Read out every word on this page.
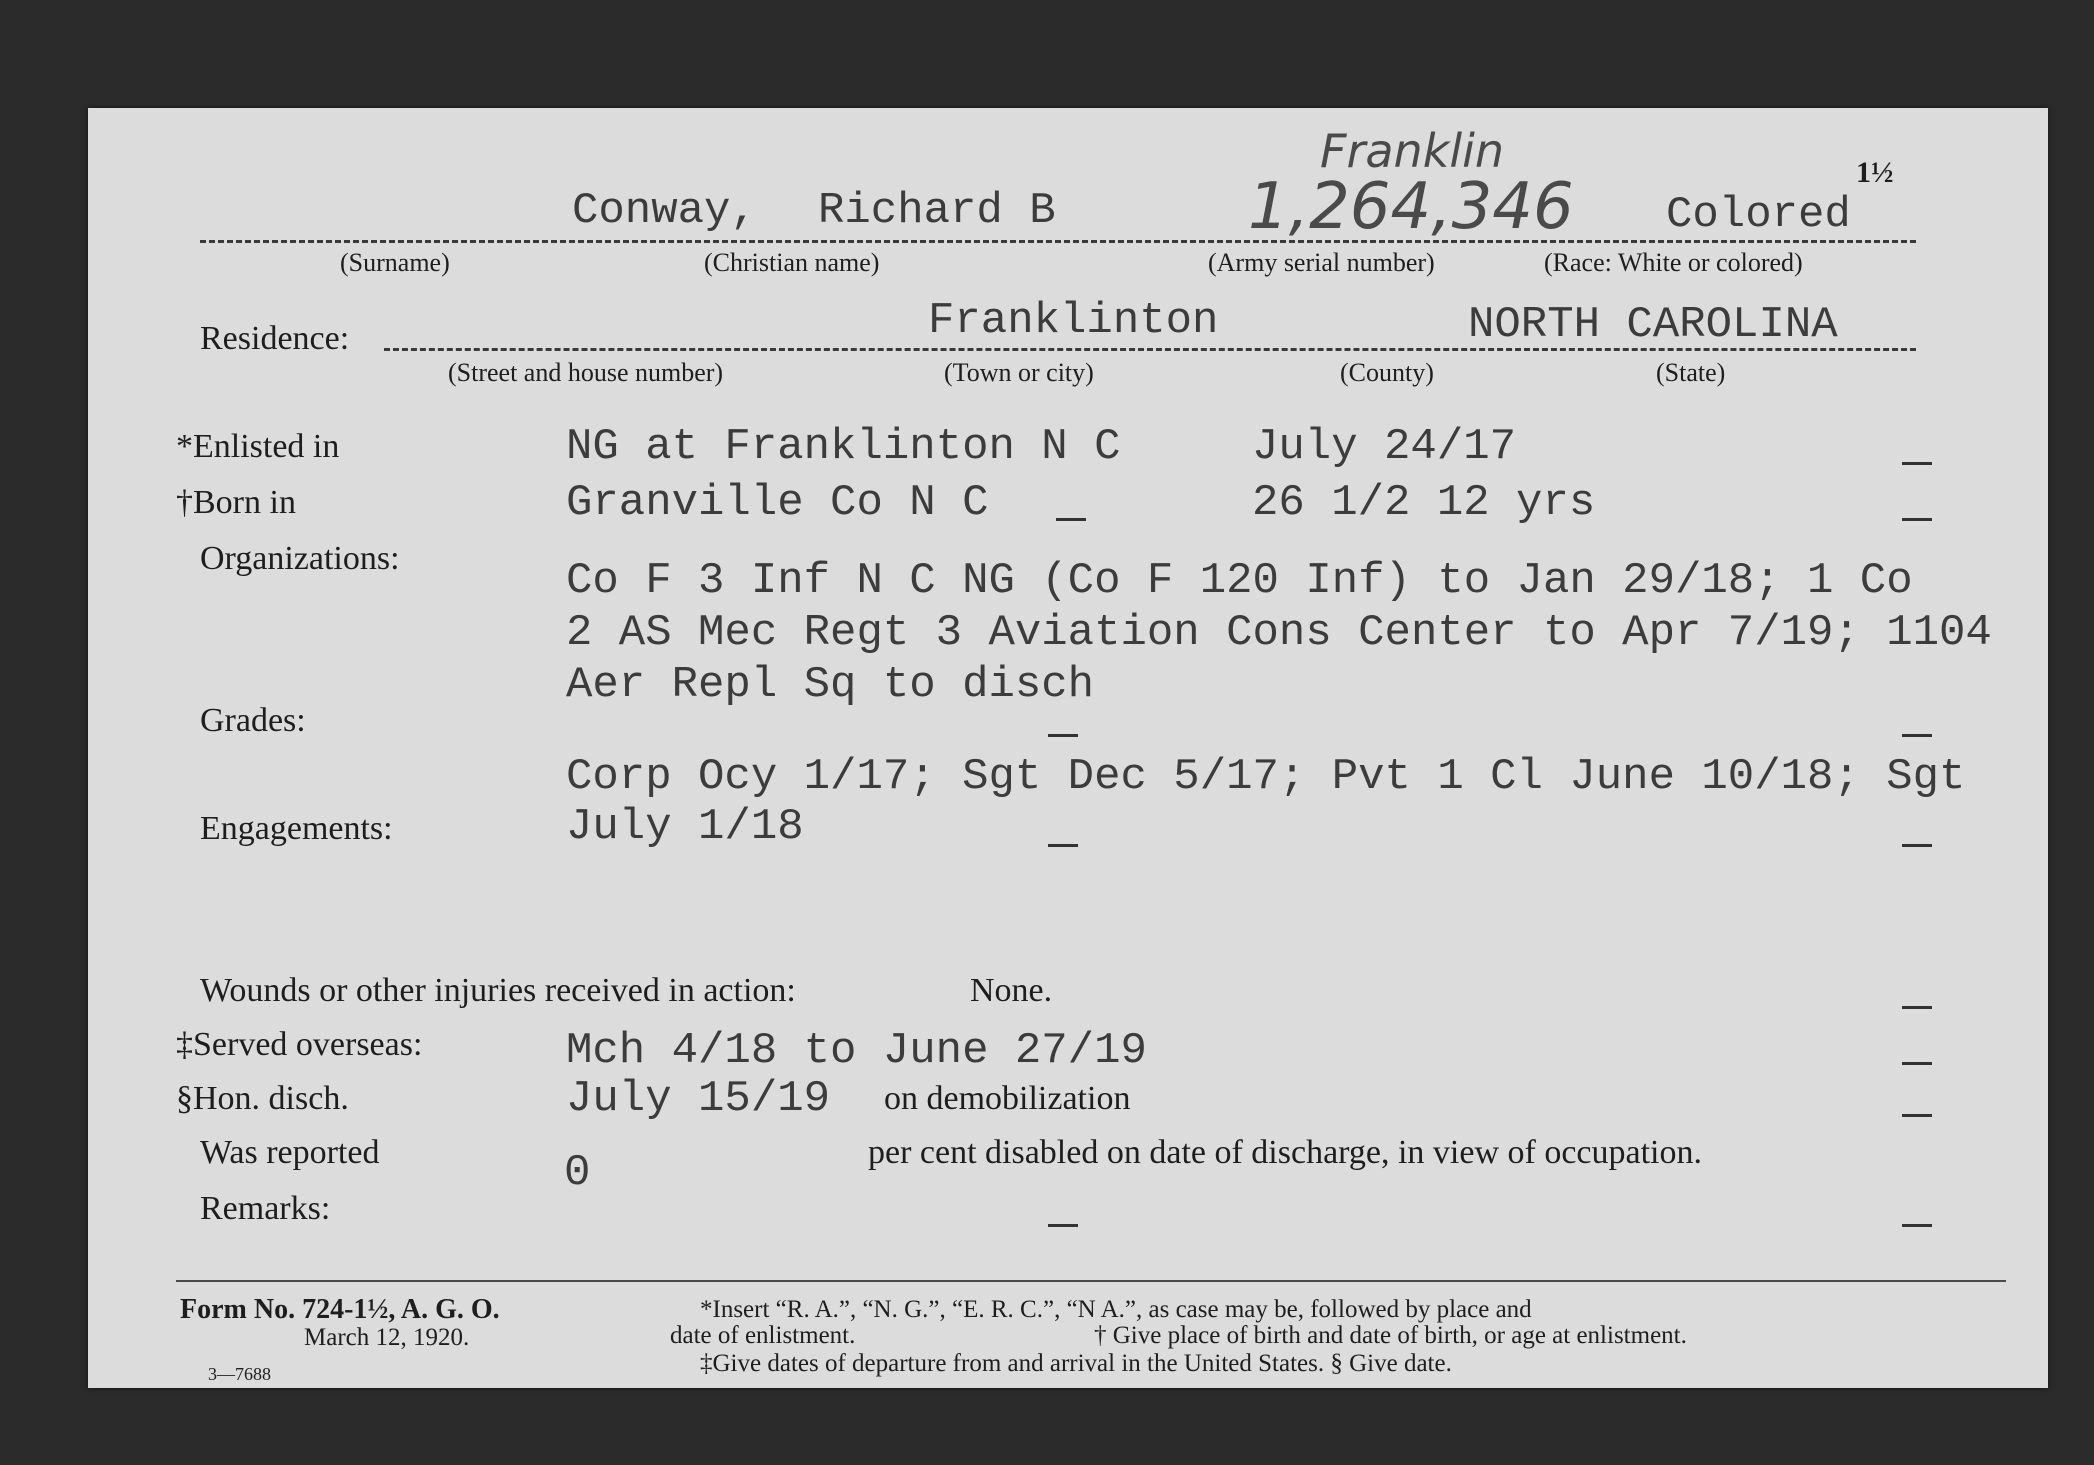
Franklin	1½
Conway, Richard B	1,264,346 Colored
(Surname)	(Christian name)	(Army serial number)	(Race: White or colored)
Residence:	Franklinton	NORTH CAROLINA
(Street and house number)	(Town or city)	(County)	(State)
*Enlisted in	NG at Franklinton N C	July 24/17
†Born in	Granville Co N C	26 1/2 12 yrs
Organizations:	Co F 3 Inf N C NG (Co F 120 Inf) to Jan 29/18; 1 Co
2 AS Mec Regt 3 Aviation Cons Center to Apr 7/19; 1104
Aer Repl Sq to disch
Grades:
Corp Ocy 1/17; Sgt Dec 5/17; Pvt 1 Cl June 10/18; Sgt
July 1/18
Engagements:
Wounds or other injuries received in action:	None.
‡Served overseas:	Mch 4/18 to June 27/19
§Hon. disch.	July 15/19 on demobilization
Was reported	0	per cent disabled on date of discharge, in view of occupation.
Remarks:
Form No. 724-1½, A. G. O.
March 12, 1920.
3—7688
*Insert “R. A.”, “N. G.”, “E. R. C.”, “N A.”, as case may be, followed by place and
date of enlistment.	† Give place of birth and date of birth, or age at enlistment.
‡Give dates of departure from and arrival in the United States. § Give date.
